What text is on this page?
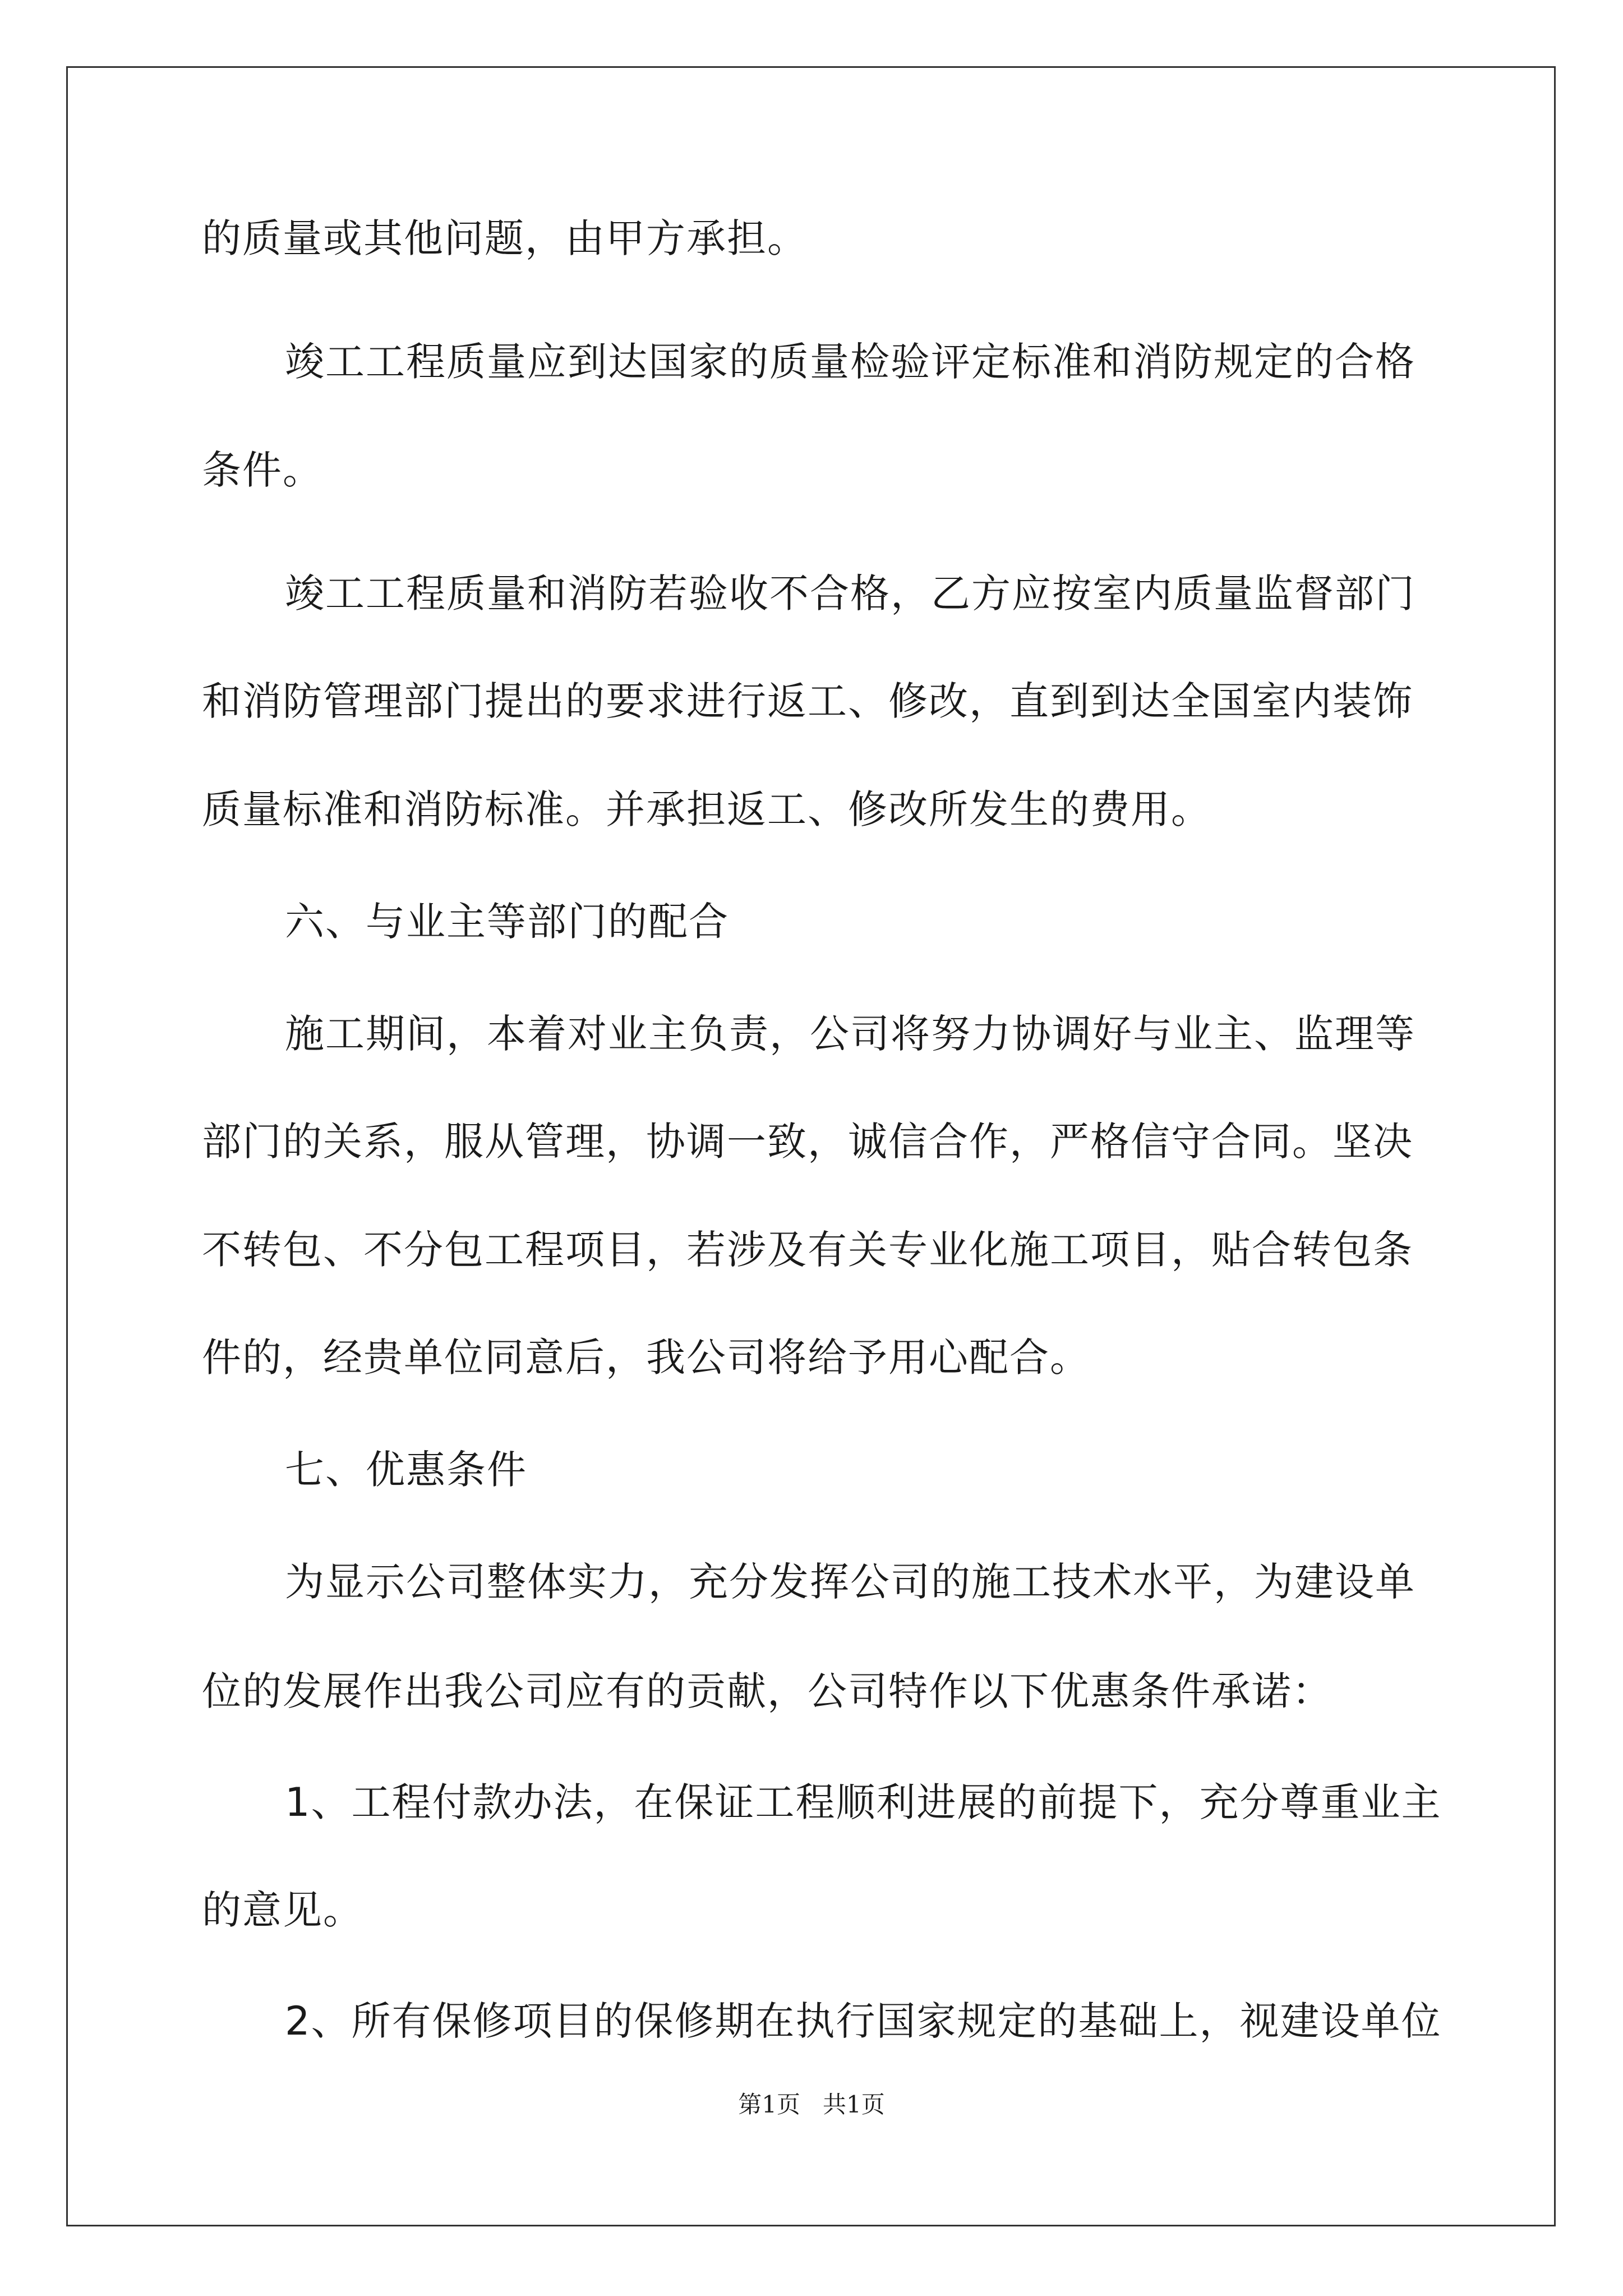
的质量或其他问题，由甲方承担。
竣工工程质量应到达国家的质量检验评定标准和消防规定的合格
条件。
竣工工程质量和消防若验收不合格，乙方应按室内质量监督部门
和消防管理部门提出的要求进行返工、修改，直到到达全国室内装饰
质量标准和消防标准。并承担返工、修改所发生的费用。
六、与业主等部门的配合
施工期间，本着对业主负责，公司将努力协调好与业主、监理等
部门的关系，服从管理，协调一致，诚信合作，严格信守合同。坚决
不转包、不分包工程项目，若涉及有关专业化施工项目，贴合转包条
件的，经贵单位同意后，我公司将给予用心配合。
七、优惠条件
为显示公司整体实力，充分发挥公司的施工技术水平，为建设单
位的发展作出我公司应有的贡献，公司特作以下优惠条件承诺：
1、工程付款办法，在保证工程顺利进展的前提下，充分尊重业主
的意见。
2、所有保修项目的保修期在执行国家规定的基础上，视建设单位
第1页 共1页
